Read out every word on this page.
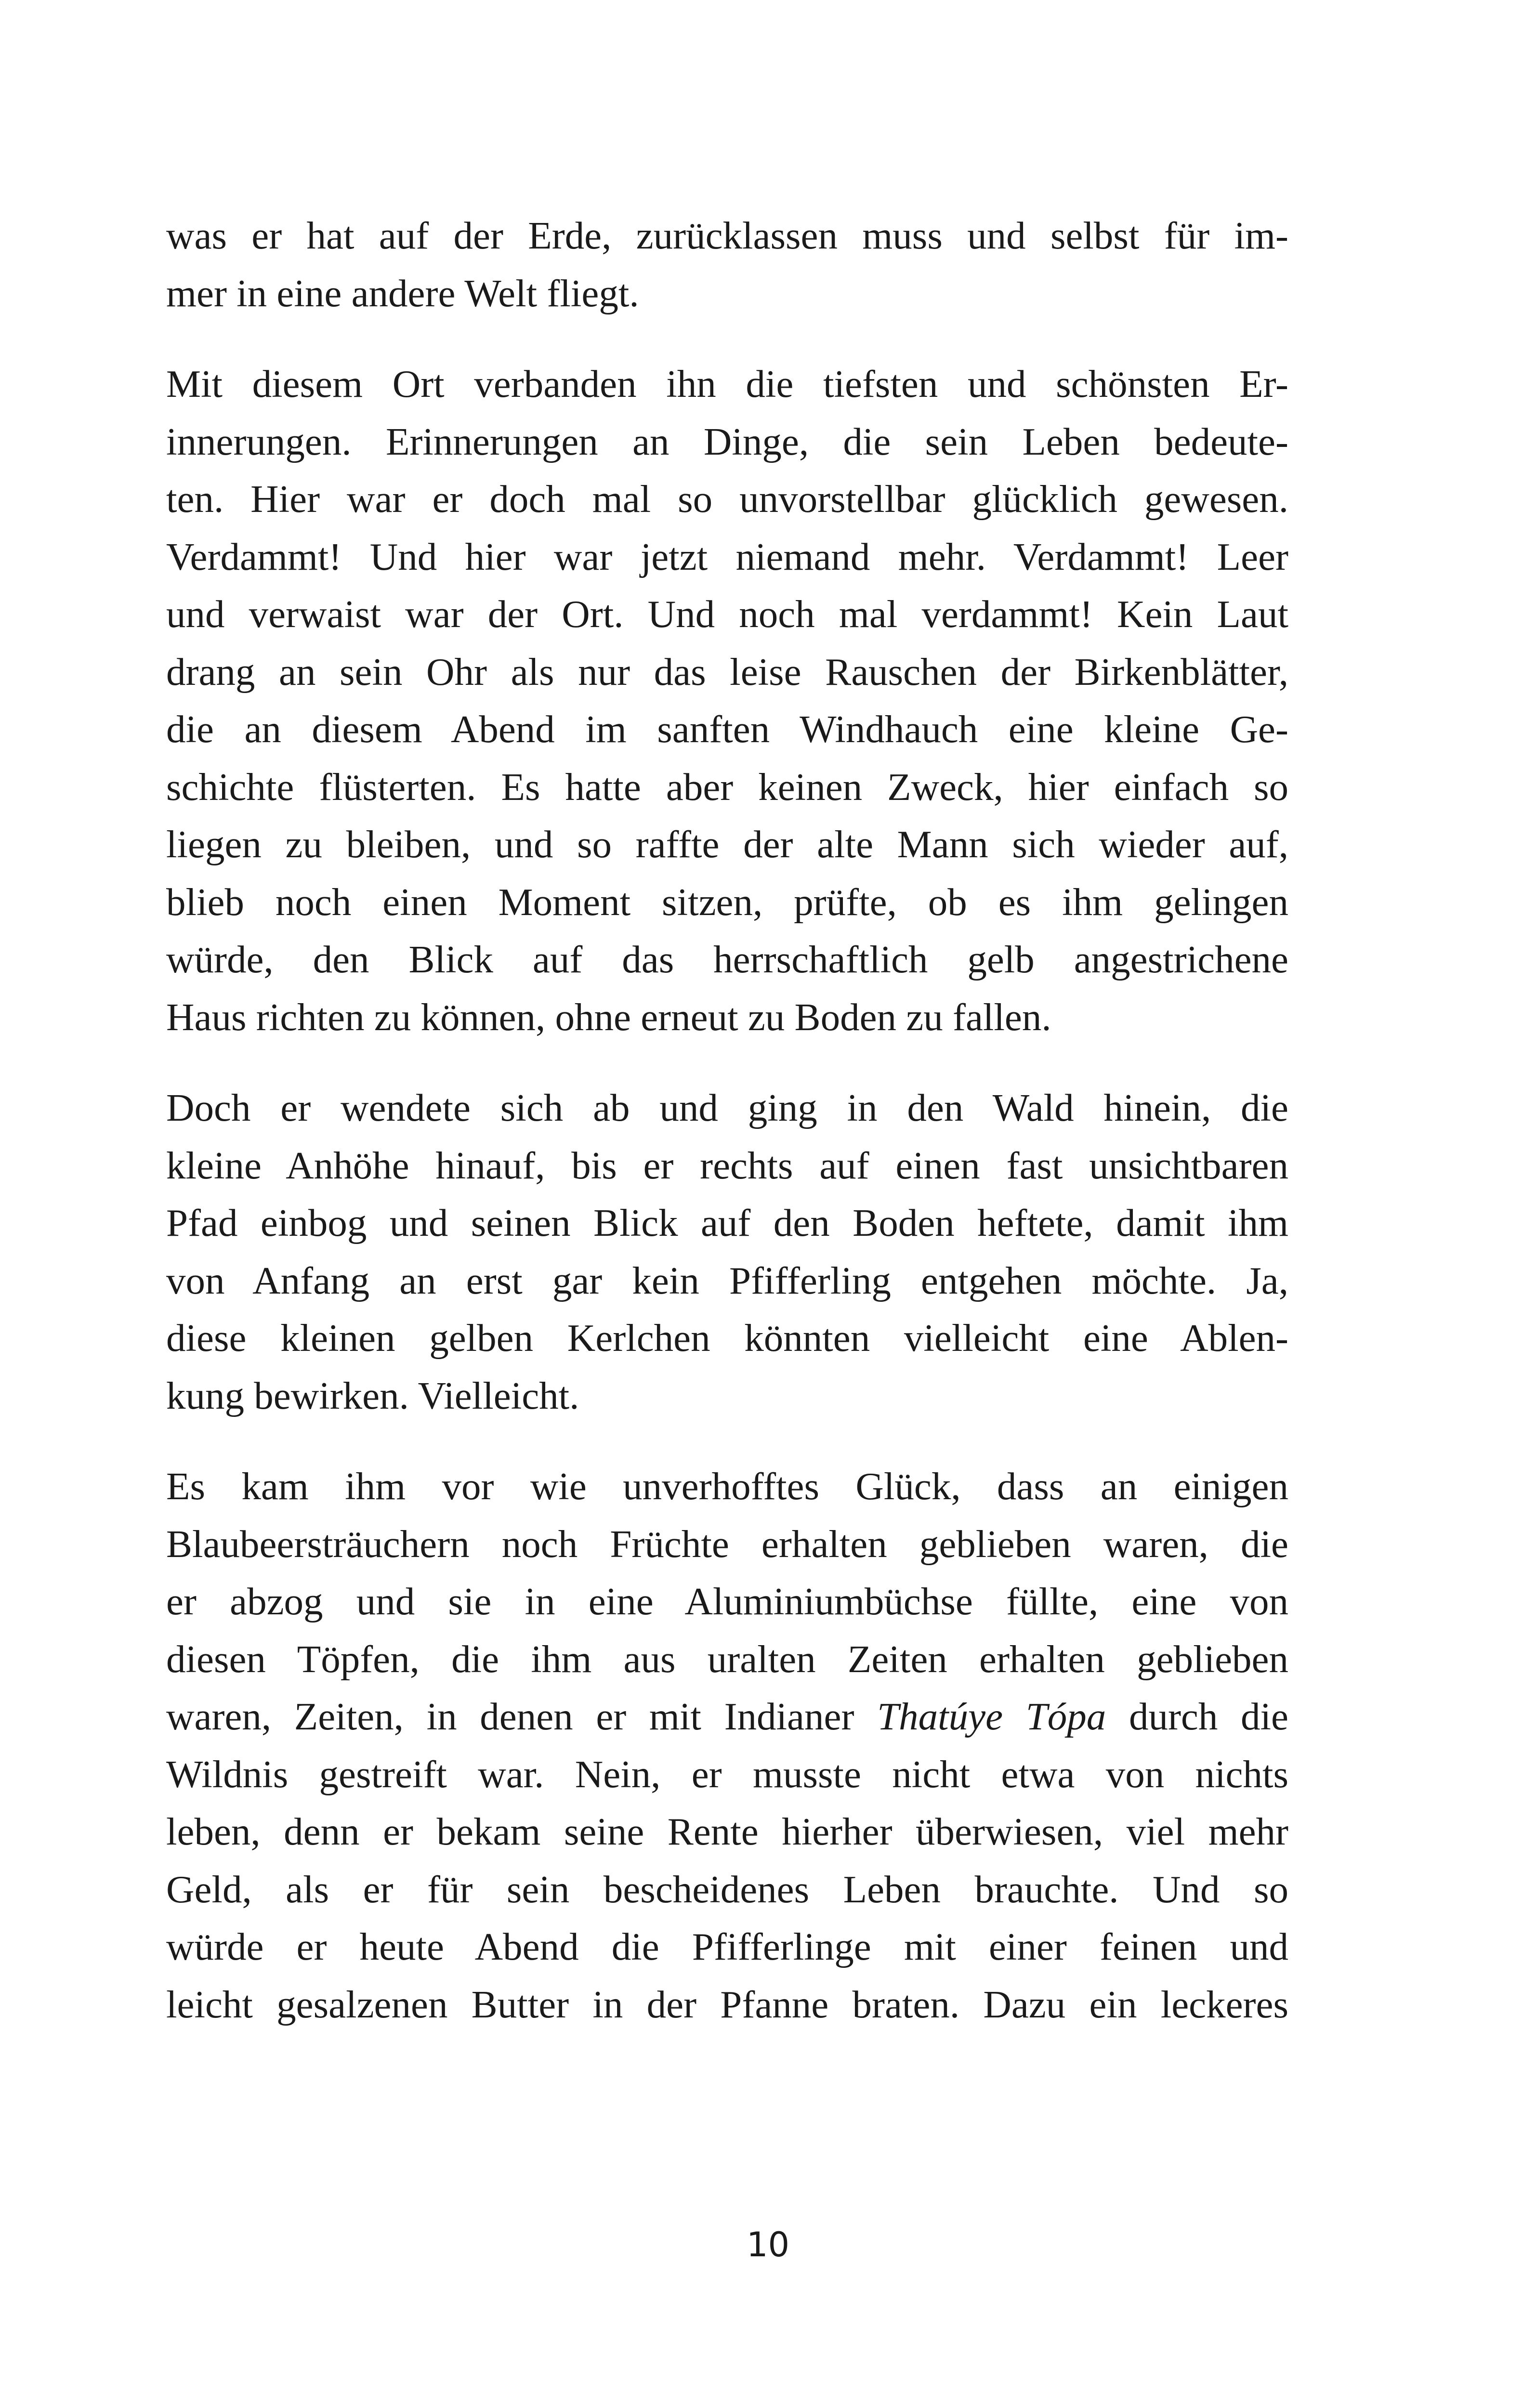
was er hat auf der Erde, zurücklassen muss und selbst für im-
mer in eine andere Welt fliegt.
Mit diesem Ort verbanden ihn die tiefsten und schönsten Er-
innerungen. Erinnerungen an Dinge, die sein Leben bedeute-
ten. Hier war er doch mal so unvorstellbar glücklich gewesen.
Verdammt! Und hier war jetzt niemand mehr. Verdammt! Leer
und verwaist war der Ort. Und noch mal verdammt! Kein Laut
drang an sein Ohr als nur das leise Rauschen der Birkenblätter,
die an diesem Abend im sanften Windhauch eine kleine Ge-
schichte flüsterten. Es hatte aber keinen Zweck, hier einfach so
liegen zu bleiben, und so raffte der alte Mann sich wieder auf,
blieb noch einen Moment sitzen, prüfte, ob es ihm gelingen
würde, den Blick auf das herrschaftlich gelb angestrichene
Haus richten zu können, ohne erneut zu Boden zu fallen.
Doch er wendete sich ab und ging in den Wald hinein, die
kleine Anhöhe hinauf, bis er rechts auf einen fast unsichtbaren
Pfad einbog und seinen Blick auf den Boden heftete, damit ihm
von Anfang an erst gar kein Pfifferling entgehen möchte. Ja,
diese kleinen gelben Kerlchen könnten vielleicht eine Ablen-
kung bewirken. Vielleicht.
Es kam ihm vor wie unverhofftes Glück, dass an einigen
Blaubeersträuchern noch Früchte erhalten geblieben waren, die
er abzog und sie in eine Aluminiumbüchse füllte, eine von
diesen Töpfen, die ihm aus uralten Zeiten erhalten geblieben
waren, Zeiten, in denen er mit Indianer Thatúye Tópa durch die
Wildnis gestreift war. Nein, er musste nicht etwa von nichts
leben, denn er bekam seine Rente hierher überwiesen, viel mehr
Geld, als er für sein bescheidenes Leben brauchte. Und so
würde er heute Abend die Pfifferlinge mit einer feinen und
leicht gesalzenen Butter in der Pfanne braten. Dazu ein leckeres
10
